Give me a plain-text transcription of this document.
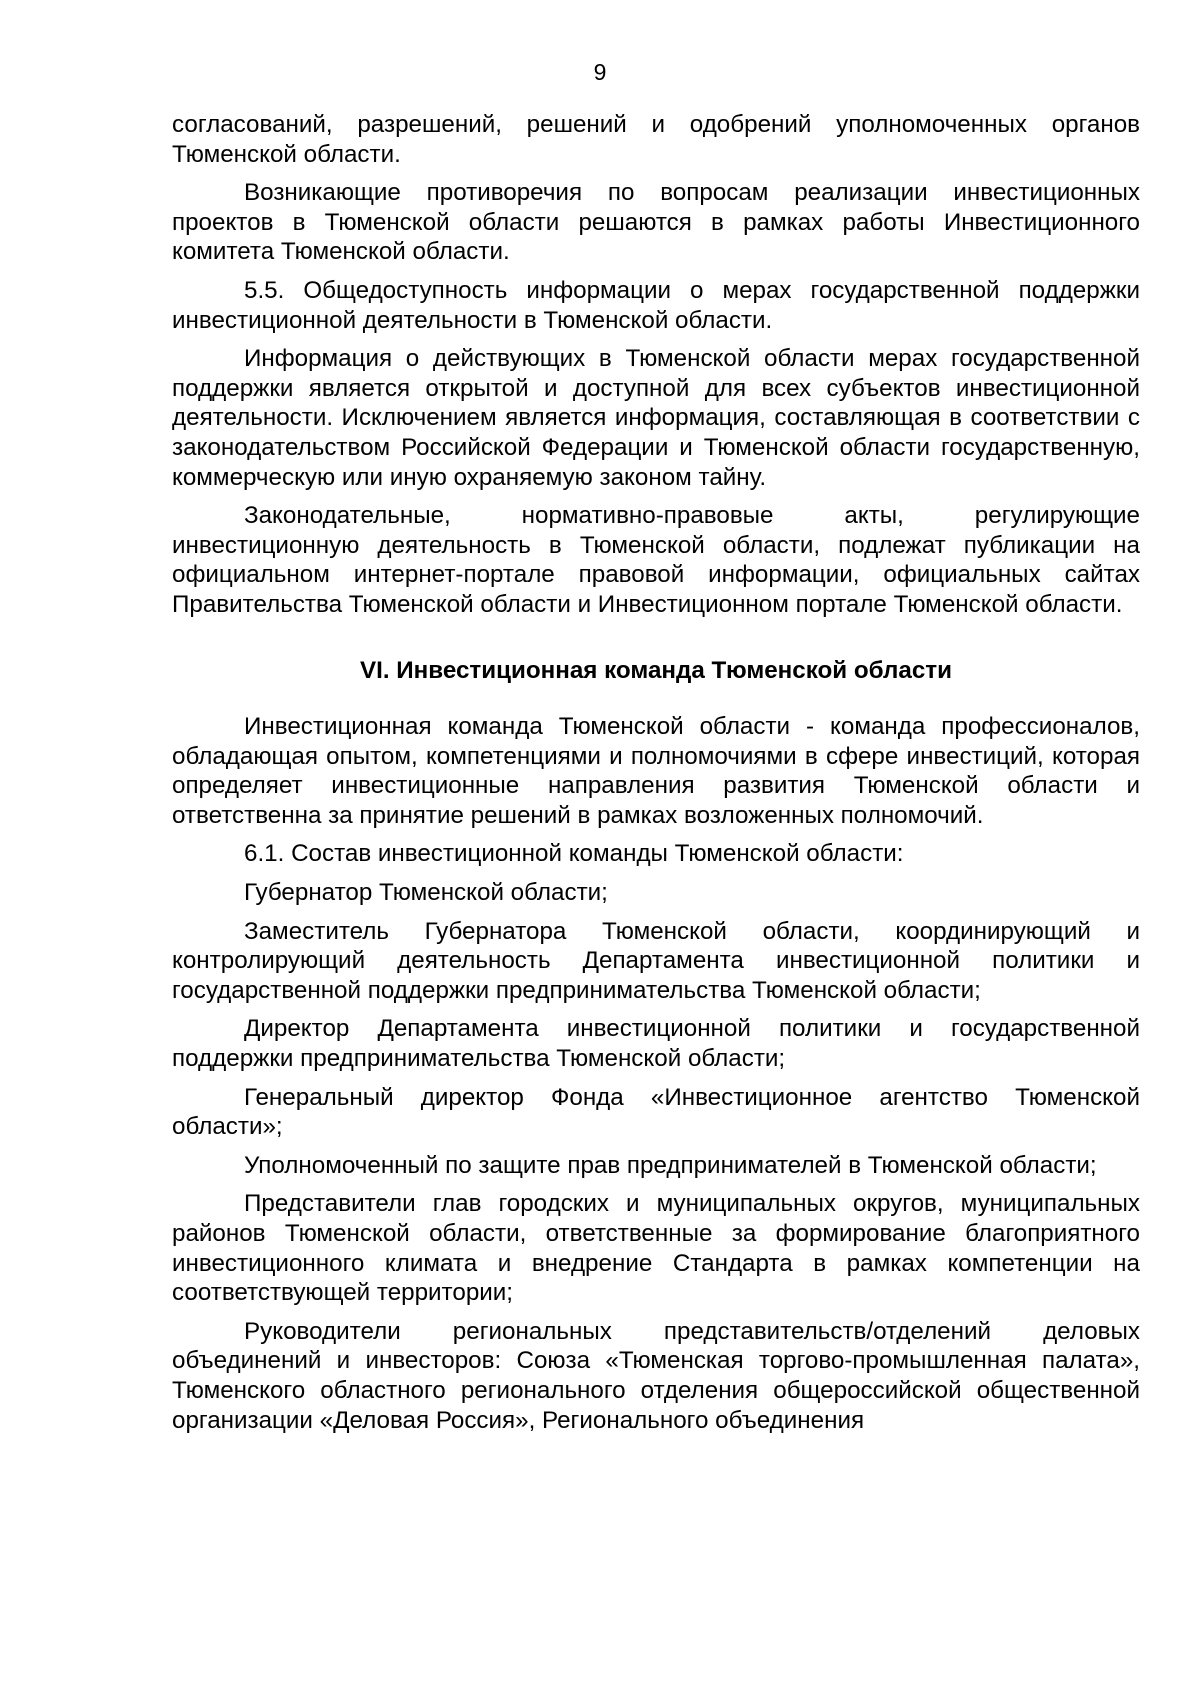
9

согласований, разрешений, решений и одобрений уполномоченных органов Тюменской области.

Возникающие противоречия по вопросам реализации инвестиционных проектов в Тюменской области решаются в рамках работы Инвестиционного комитета Тюменской области.

5.5. Общедоступность информации о мерах государственной поддержки инвестиционной деятельности в Тюменской области.

Информация о действующих в Тюменской области мерах государственной поддержки является открытой и доступной для всех субъектов инвестиционной деятельности. Исключением является информация, составляющая в соответствии с законодательством Российской Федерации и Тюменской области государственную, коммерческую или иную охраняемую законом тайну.

Законодательные, нормативно-правовые акты, регулирующие инвестиционную деятельность в Тюменской области, подлежат публикации на официальном интернет-портале правовой информации, официальных сайтах Правительства Тюменской области и Инвестиционном портале Тюменской области.

VI. Инвестиционная команда Тюменской области

Инвестиционная команда Тюменской области - команда профессионалов, обладающая опытом, компетенциями и полномочиями в сфере инвестиций, которая определяет инвестиционные направления развития Тюменской области и ответственна за принятие решений в рамках возложенных полномочий.

6.1. Состав инвестиционной команды Тюменской области:

Губернатор Тюменской области;

Заместитель Губернатора Тюменской области, координирующий и контролирующий деятельность Департамента инвестиционной политики и государственной поддержки предпринимательства Тюменской области;

Директор Департамента инвестиционной политики и государственной поддержки предпринимательства Тюменской области;

Генеральный директор Фонда «Инвестиционное агентство Тюменской области»;

Уполномоченный по защите прав предпринимателей в Тюменской области;

Представители глав городских и муниципальных округов, муниципальных районов Тюменской области, ответственные за формирование благоприятного инвестиционного климата и внедрение Стандарта в рамках компетенции на соответствующей территории;

Руководители региональных представительств/отделений деловых объединений и инвесторов: Союза «Тюменская торгово-промышленная палата», Тюменского областного регионального отделения общероссийской общественной организации «Деловая Россия», Регионального объединения
